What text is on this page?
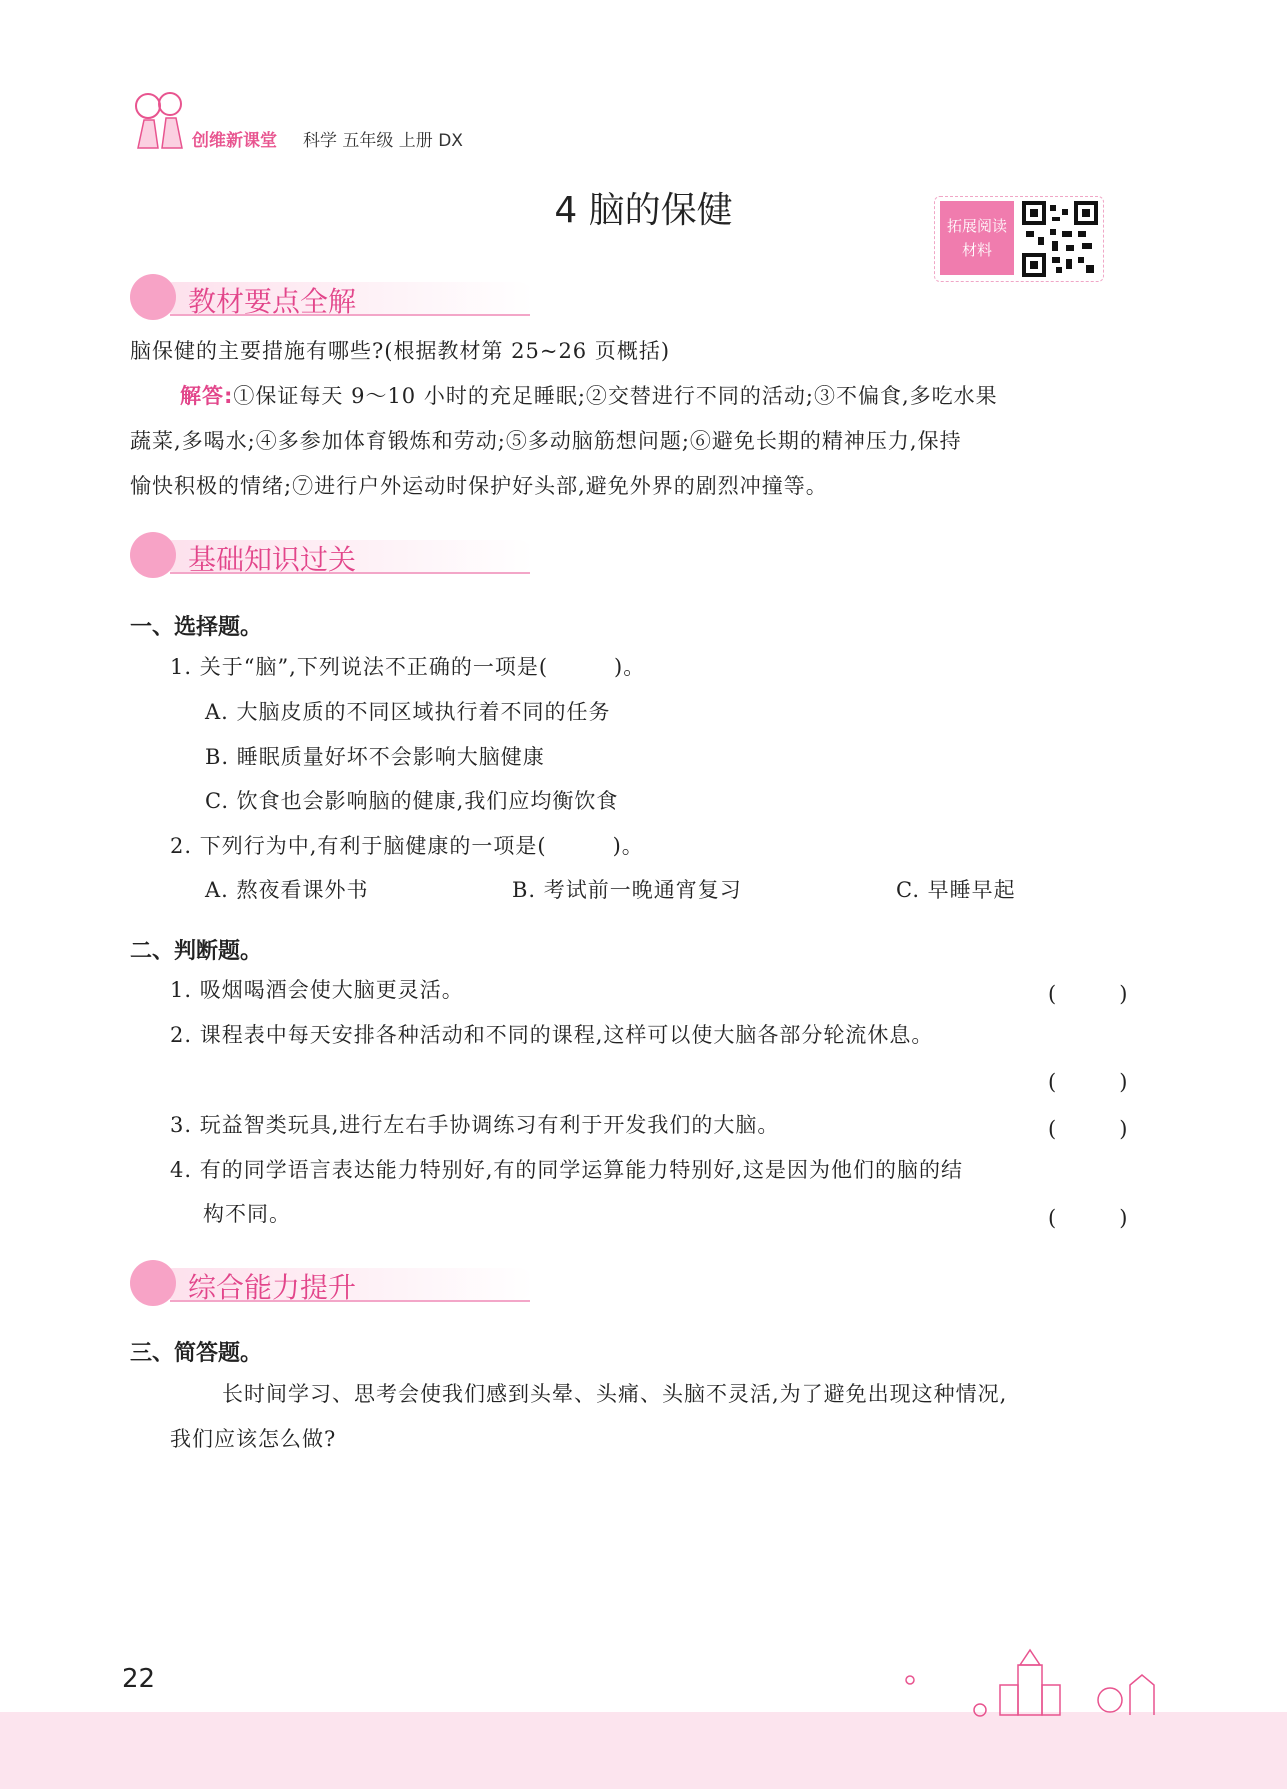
创维新课堂 科学 五年级 上册 DX
4 脑的保健	拓展阅读
材料
教材要点全解
脑保健的主要措施有哪些?(根据教材第 25~26 页概括)
解答:①保证每天 9～10 小时的充足睡眠;②交替进行不同的活动;③不偏食,多吃水果
蔬菜,多喝水;④多参加体育锻炼和劳动;⑤多动脑筋想问题;⑥避免长期的精神压力,保持
愉快积极的情绪;⑦进行户外运动时保护好头部,避免外界的剧烈冲撞等。
基础知识过关
一、选择题。
1. 关于“脑”,下列说法不正确的一项是(　　　)。
A. 大脑皮质的不同区域执行着不同的任务
B. 睡眠质量好坏不会影响大脑健康
C. 饮食也会影响脑的健康,我们应均衡饮食
2. 下列行为中,有利于脑健康的一项是(　　　)。
A. 熬夜看课外书	B. 考试前一晚通宵复习	C. 早睡早起
二、判断题。
1. 吸烟喝酒会使大脑更灵活。	(　　　)
2. 课程表中每天安排各种活动和不同的课程,这样可以使大脑各部分轮流休息。
(　　　)
3. 玩益智类玩具,进行左右手协调练习有利于开发我们的大脑。	(　　　)
4. 有的同学语言表达能力特别好,有的同学运算能力特别好,这是因为他们的脑的结
构不同。	(　　　)
综合能力提升
三、简答题。
长时间学习、思考会使我们感到头晕、头痛、头脑不灵活,为了避免出现这种情况,
我们应该怎么做?
22
